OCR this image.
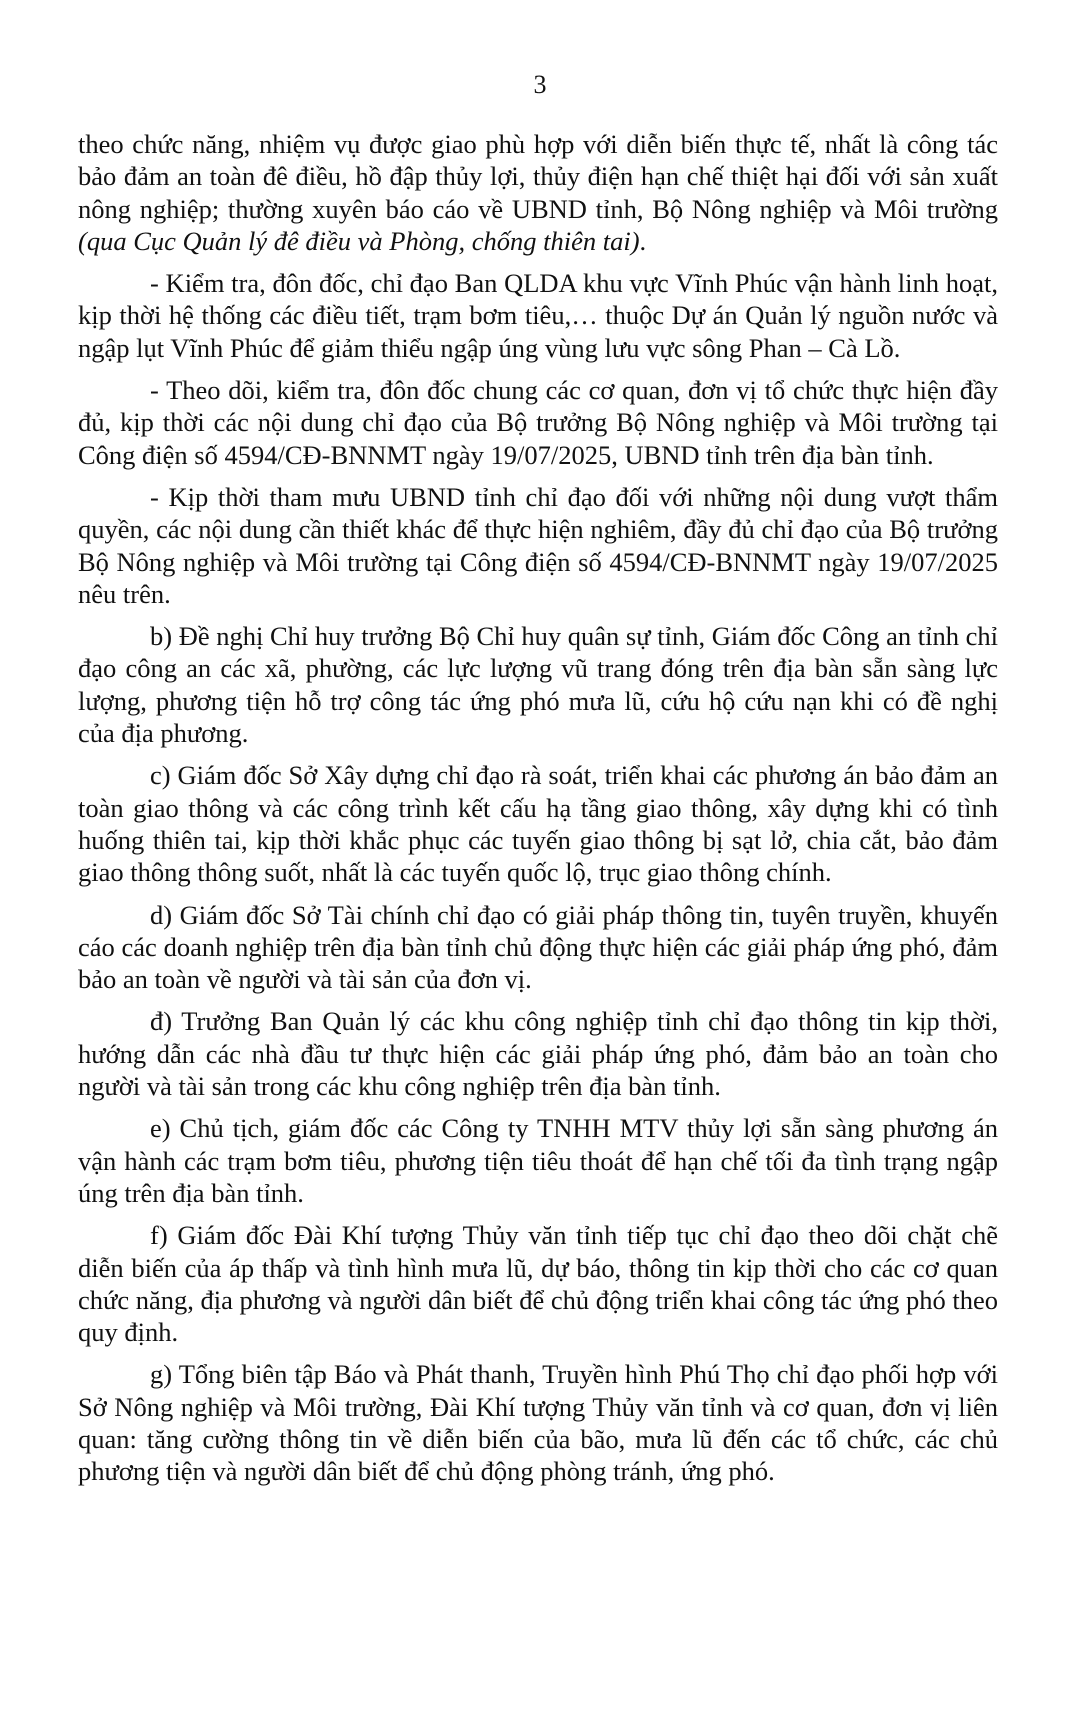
3

theo chức năng, nhiệm vụ được giao phù hợp với diễn biến thực tế, nhất là công tác bảo đảm an toàn đê điều, hồ đập thủy lợi, thủy điện hạn chế thiệt hại đối với sản xuất nông nghiệp; thường xuyên báo cáo về UBND tỉnh, Bộ Nông nghiệp và Môi trường (qua Cục Quản lý đê điều và Phòng, chống thiên tai).

- Kiểm tra, đôn đốc, chỉ đạo Ban QLDA khu vực Vĩnh Phúc vận hành linh hoạt, kịp thời hệ thống các điều tiết, trạm bơm tiêu,… thuộc Dự án Quản lý nguồn nước và ngập lụt Vĩnh Phúc để giảm thiểu ngập úng vùng lưu vực sông Phan – Cà Lồ.

- Theo dõi, kiểm tra, đôn đốc chung các cơ quan, đơn vị tổ chức thực hiện đầy đủ, kịp thời các nội dung chỉ đạo của Bộ trưởng Bộ Nông nghiệp và Môi trường tại Công điện số 4594/CĐ-BNNMT ngày 19/07/2025, UBND tỉnh trên địa bàn tỉnh.

- Kịp thời tham mưu UBND tỉnh chỉ đạo đối với những nội dung vượt thẩm quyền, các nội dung cần thiết khác để thực hiện nghiêm, đầy đủ chỉ đạo của Bộ trưởng Bộ Nông nghiệp và Môi trường tại Công điện số 4594/CĐ-BNNMT ngày 19/07/2025 nêu trên.

b) Đề nghị Chỉ huy trưởng Bộ Chỉ huy quân sự tỉnh, Giám đốc Công an tỉnh chỉ đạo công an các xã, phường, các lực lượng vũ trang đóng trên địa bàn sẵn sàng lực lượng, phương tiện hỗ trợ công tác ứng phó mưa lũ, cứu hộ cứu nạn khi có đề nghị của địa phương.

c) Giám đốc Sở Xây dựng chỉ đạo rà soát, triển khai các phương án bảo đảm an toàn giao thông và các công trình kết cấu hạ tầng giao thông, xây dựng khi có tình huống thiên tai, kịp thời khắc phục các tuyến giao thông bị sạt lở, chia cắt, bảo đảm giao thông thông suốt, nhất là các tuyến quốc lộ, trục giao thông chính.

d) Giám đốc Sở Tài chính chỉ đạo có giải pháp thông tin, tuyên truyền, khuyến cáo các doanh nghiệp trên địa bàn tỉnh chủ động thực hiện các giải pháp ứng phó, đảm bảo an toàn về người và tài sản của đơn vị.

đ) Trưởng Ban Quản lý các khu công nghiệp tỉnh chỉ đạo thông tin kịp thời, hướng dẫn các nhà đầu tư thực hiện các giải pháp ứng phó, đảm bảo an toàn cho người và tài sản trong các khu công nghiệp trên địa bàn tỉnh.

e) Chủ tịch, giám đốc các Công ty TNHH MTV thủy lợi sẵn sàng phương án vận hành các trạm bơm tiêu, phương tiện tiêu thoát để hạn chế tối đa tình trạng ngập úng trên địa bàn tỉnh.

f) Giám đốc Đài Khí tượng Thủy văn tỉnh tiếp tục chỉ đạo theo dõi chặt chẽ diễn biến của áp thấp và tình hình mưa lũ, dự báo, thông tin kịp thời cho các cơ quan chức năng, địa phương và người dân biết để chủ động triển khai công tác ứng phó theo quy định.

g) Tổng biên tập Báo và Phát thanh, Truyền hình Phú Thọ chỉ đạo phối hợp với Sở Nông nghiệp và Môi trường, Đài Khí tượng Thủy văn tỉnh và cơ quan, đơn vị liên quan: tăng cường thông tin về diễn biến của bão, mưa lũ đến các tổ chức, các chủ phương tiện và người dân biết để chủ động phòng tránh, ứng phó.
